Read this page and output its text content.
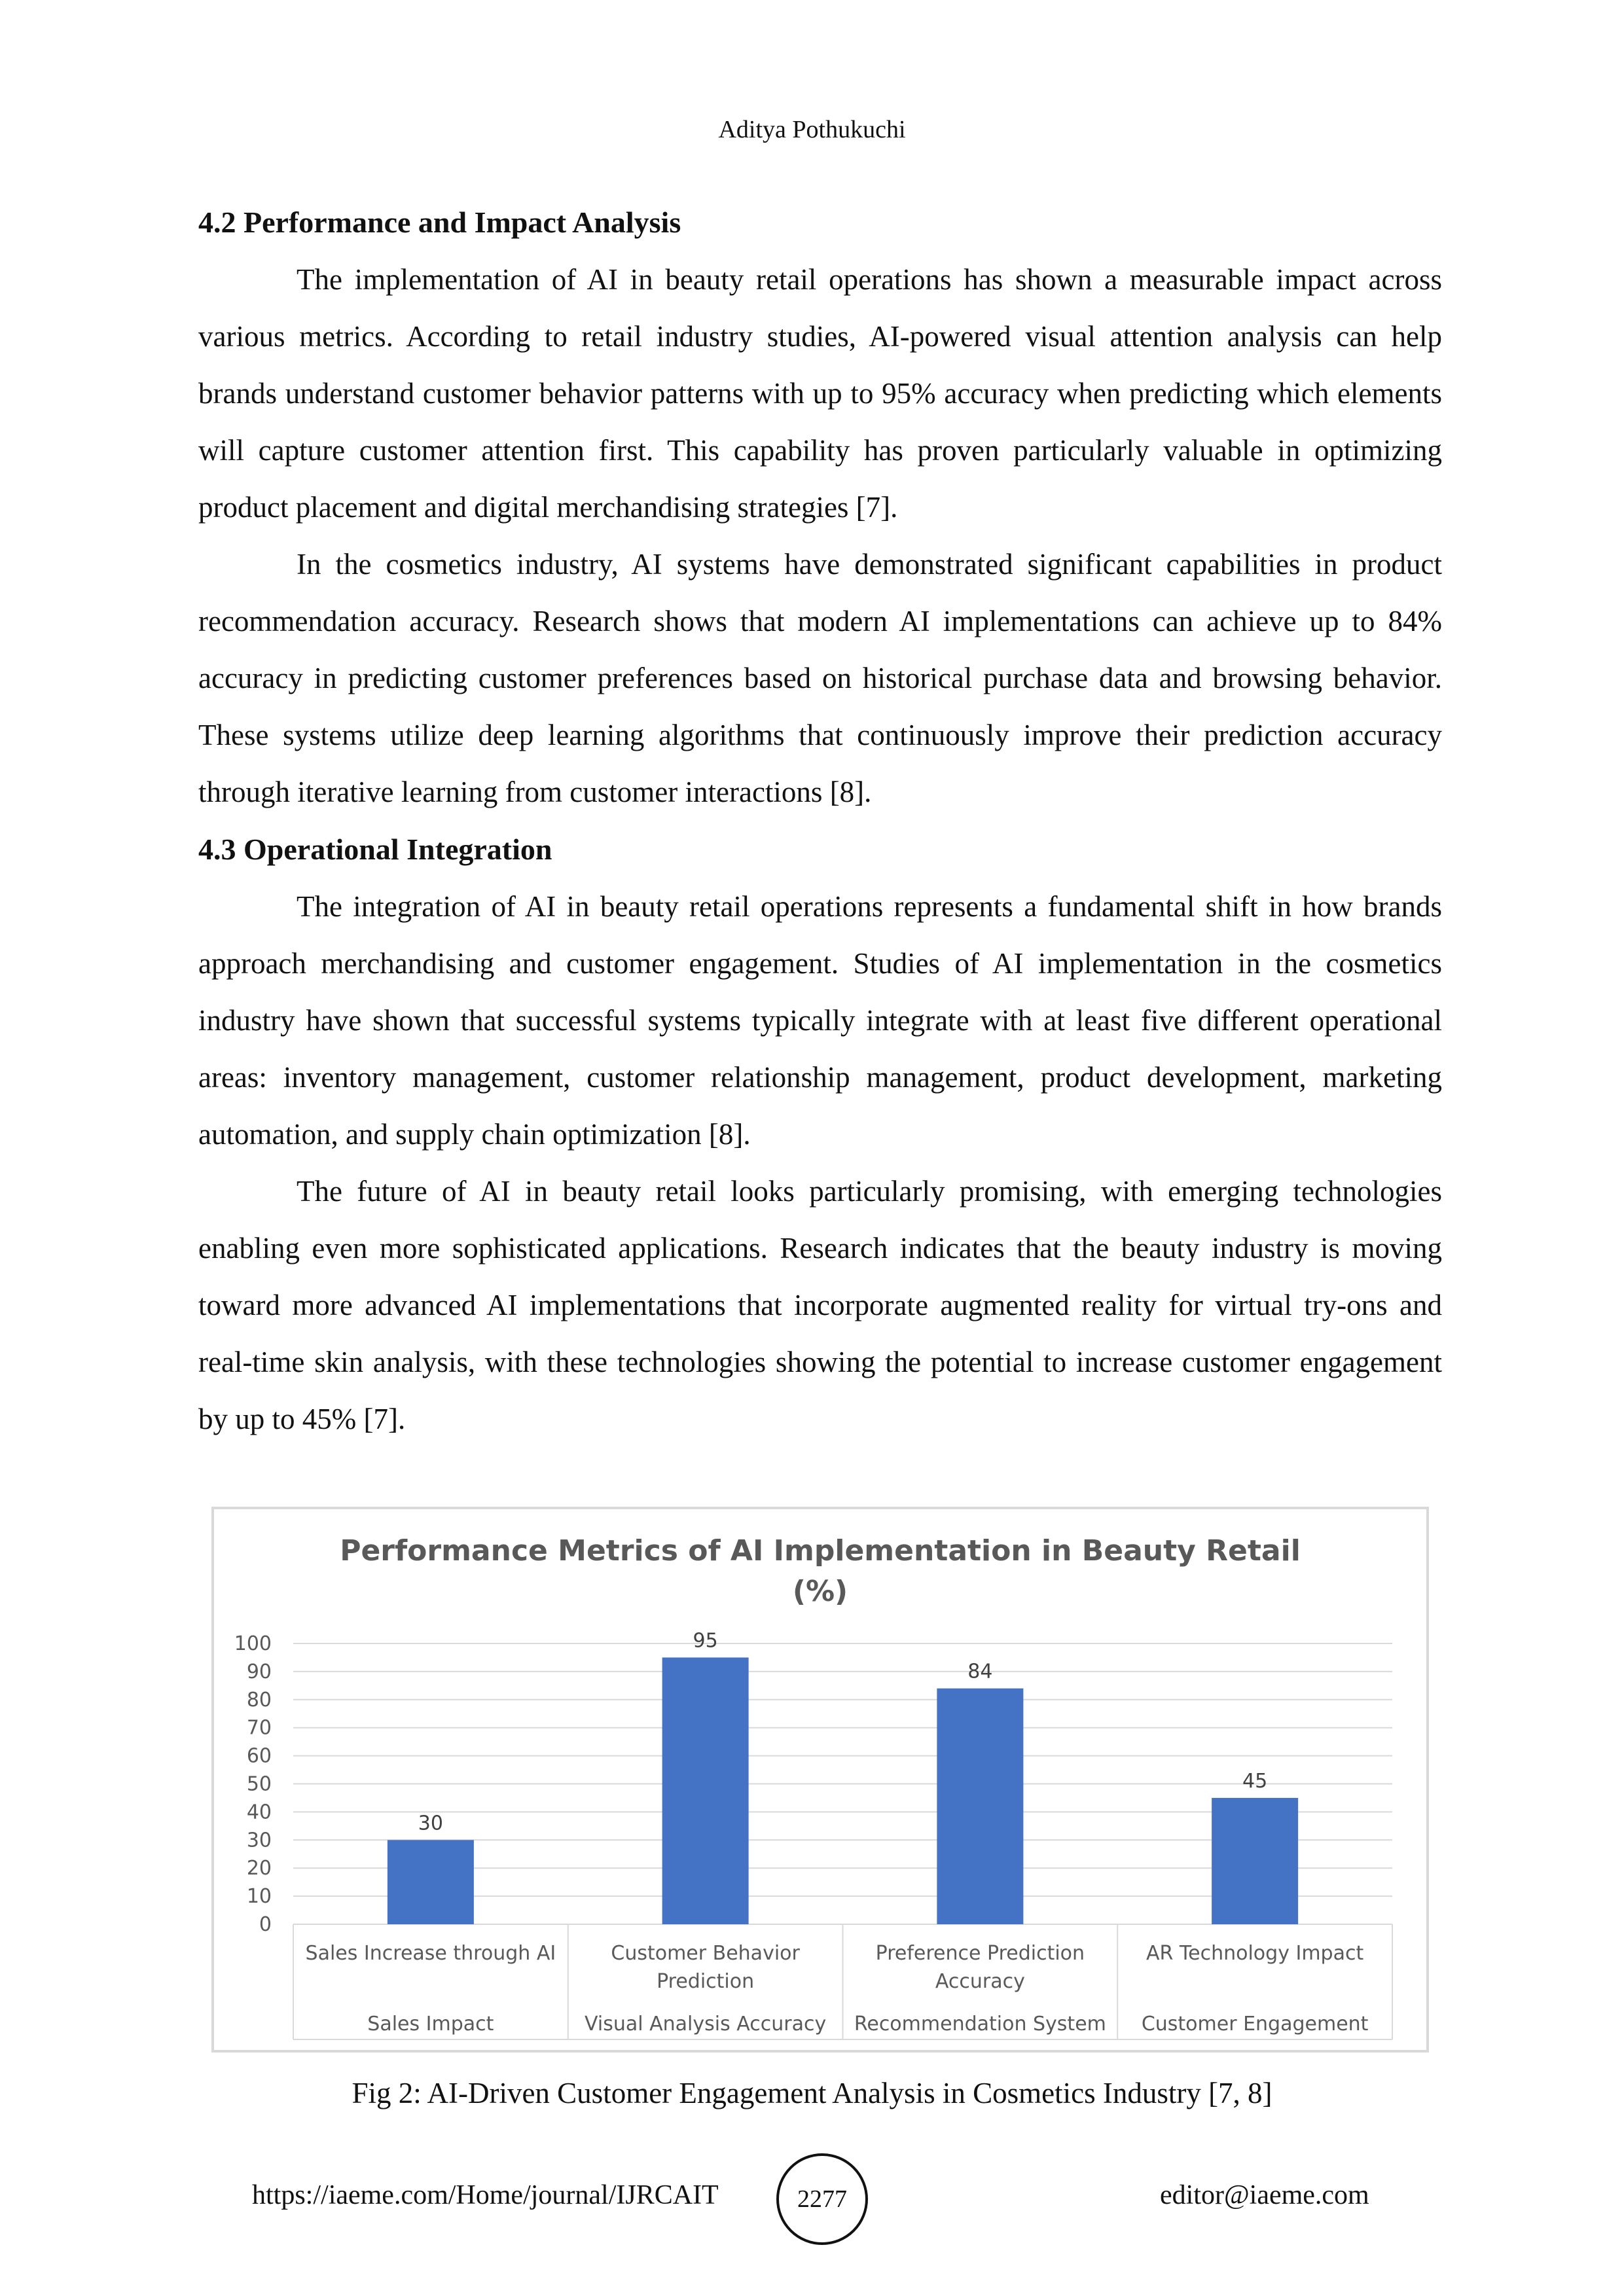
Aditya Pothukuchi
4.2 Performance and Impact Analysis

The implementation of AI in beauty retail operations has shown a measurable impact across various metrics. According to retail industry studies, AI-powered visual attention analysis can help brands understand customer behavior patterns with up to 95% accuracy when predicting which elements will capture customer attention first. This capability has proven particularly valuable in optimizing product placement and digital merchandising strategies [7].

In the cosmetics industry, AI systems have demonstrated significant capabilities in product recommendation accuracy. Research shows that modern AI implementations can achieve up to 84% accuracy in predicting customer preferences based on historical purchase data and browsing behavior. These systems utilize deep learning algorithms that continuously improve their prediction accuracy through iterative learning from customer interactions [8].

4.3 Operational Integration

The integration of AI in beauty retail operations represents a fundamental shift in how brands approach merchandising and customer engagement. Studies of AI implementation in the cosmetics industry have shown that successful systems typically integrate with at least five different operational areas: inventory management, customer relationship management, product development, marketing automation, and supply chain optimization [8].

The future of AI in beauty retail looks particularly promising, with emerging technologies enabling even more sophisticated applications. Research indicates that the beauty industry is moving toward more advanced AI implementations that incorporate augmented reality for virtual try-ons and real-time skin analysis, with these technologies showing the potential to increase customer engagement by up to 45% [7].

Performance Metrics of AI Implementation in Beauty Retail
(%)
0
10
20
30
40
50
60
70
80
90
100
30
95
84
45
Sales Increase through AI
Sales Impact
Customer Behavior
Prediction
Visual Analysis Accuracy
Preference Prediction
Accuracy
Recommendation System
AR Technology Impact
Customer Engagement
Fig 2: AI-Driven Customer Engagement Analysis in Cosmetics Industry [7, 8]
https://iaeme.com/Home/journal/IJRCAIT	2277	editor@iaeme.com
